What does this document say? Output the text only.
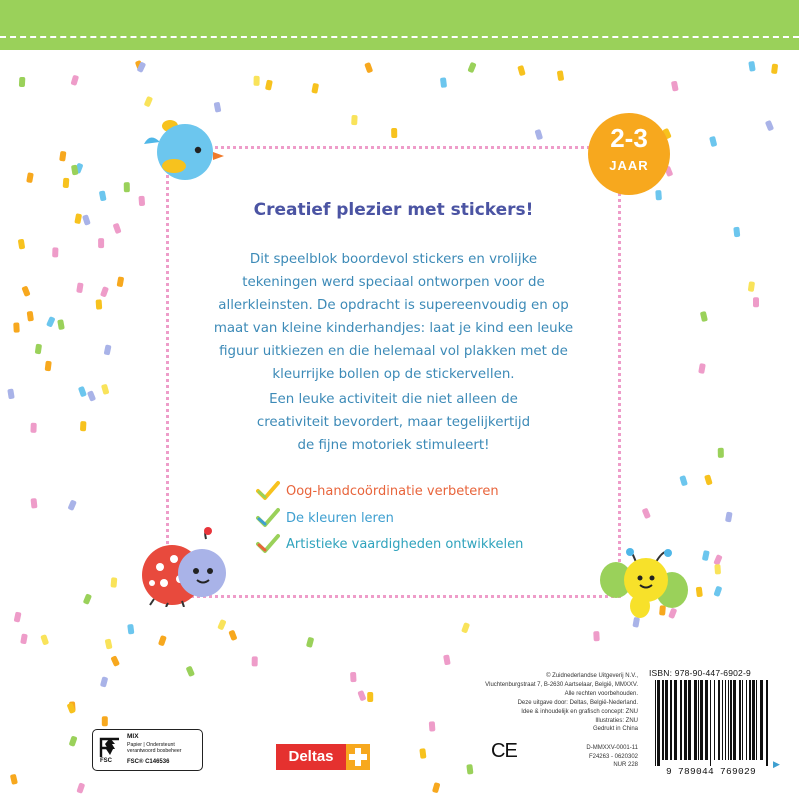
Creatief plezier met stickers!
Dit speelblok boordevol stickers en vrolijke
tekeningen werd speciaal ontworpen voor de
allerkleinsten. De opdracht is supereenvoudig en op
maat van kleine kinderhandjes: laat je kind een leuke
figuur uitkiezen en die helemaal vol plakken met de
kleurrijke bollen op de stickervellen.
Een leuke activiteit die niet alleen de
creativiteit bevordert, maar tegelijkertijd
de fijne motoriek stimuleert!
Oog-handcoördinatie verbeteren
De kleuren leren
Artistieke vaardigheden ontwikkelen
2-3
JAAR
© Zuidnederlandse Uitgeverij N.V.,
Vluchtenburgstraat 7, B-2630 Aartselaar, België, MMXXV.
Alle rechten voorbehouden.
Deze uitgave door: Deltas, België-Nederland.
Idee & inhoudelijk en grafisch concept: ZNU
Illustraties: ZNU
Gedrukt in China
D-MMXXV-0001-11
F24263 - 0620302
NUR 228
ISBN: 978-90-447-6902-9
9 789044 769029
▶
FSC
MIX
Papier | Ondersteunt
verantwoord bosbeheer
FSC® C146536	Deltas	CE
